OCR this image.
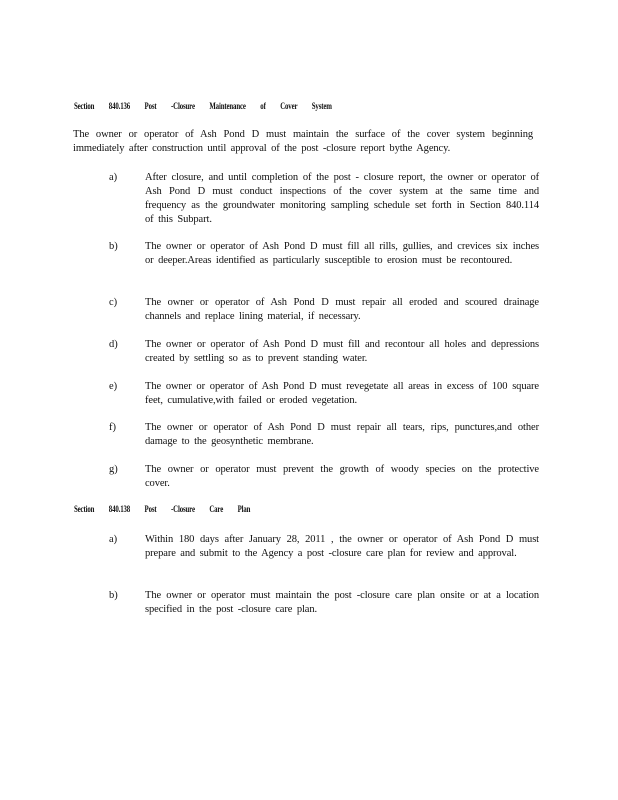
Section 840.136 Post -Closure Maintenance of Cover System
The owner or operator of Ash Pond D must maintain the surface of the cover system beginning immediately after construction until approval of the post -closure report bythe Agency.
a)	After closure, and until completion of the post - closure report, the owner or operator of Ash Pond D must conduct inspections of the cover system at the same time and frequency as the groundwater monitoring sampling schedule set forth in Section 840.114 of this Subpart.
b)	The owner or operator of Ash Pond D must fill all rills, gullies, and crevices six inches or deeper.Areas identified as particularly susceptible to erosion must be recontoured.
c)	The owner or operator of Ash Pond D must repair all eroded and scoured drainage channels and replace lining material, if necessary.
d)	The owner or operator of Ash Pond D must fill and recontour all holes and depressions created by settling so as to prevent standing water.
e)	The owner or operator of Ash Pond D must revegetate all areas in excess of 100 square feet, cumulative,with failed or eroded vegetation.
f)	The owner or operator of Ash Pond D must repair all tears, rips, punctures,and other damage to the geosynthetic membrane.
g)	The owner or operator must prevent the growth of woody species on the protective cover.
Section 840.138 Post -Closure Care Plan
a)	Within 180 days after January 28, 2011 , the owner or operator of Ash Pond D must prepare and submit to the Agency a post -closure care plan for review and approval.
b)	The owner or operator must maintain the post -closure care plan onsite or at a location specified in the post -closure care plan.
